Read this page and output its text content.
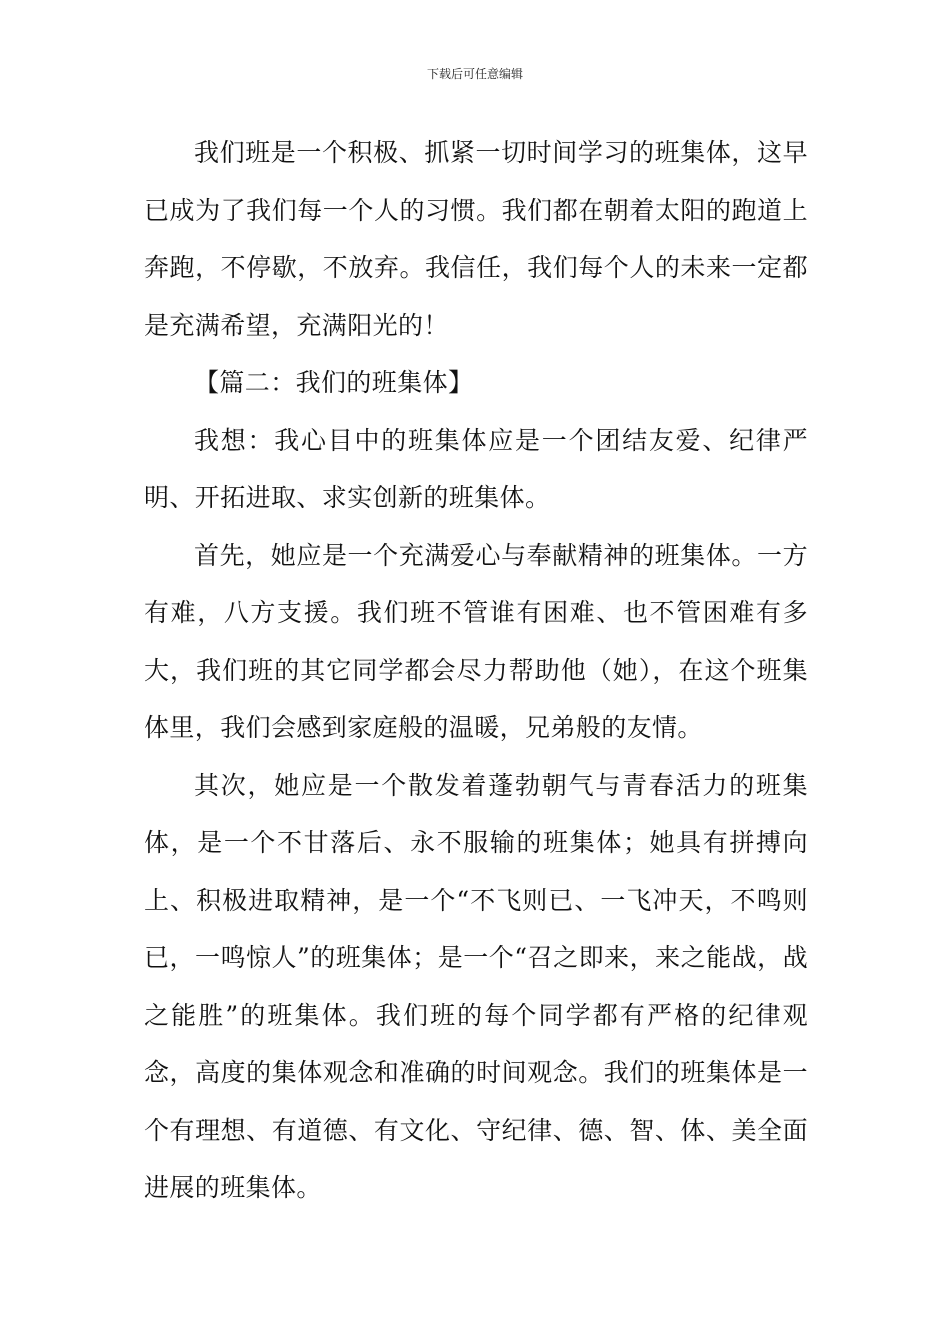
下载后可任意编辑

我们班是一个积极、抓紧一切时间学习的班集体，这早已成为了我们每一个人的习惯。我们都在朝着太阳的跑道上奔跑，不停歇，不放弃。我信任，我们每个人的未来一定都是充满希望，充满阳光的！

【篇二：我们的班集体】

我想：我心目中的班集体应是一个团结友爱、纪律严明、开拓进取、求实创新的班集体。

首先，她应是一个充满爱心与奉献精神的班集体。一方有难，八方支援。我们班不管谁有困难、也不管困难有多大，我们班的其它同学都会尽力帮助他（她），在这个班集体里，我们会感到家庭般的温暖，兄弟般的友情。

其次，她应是一个散发着蓬勃朝气与青春活力的班集体，是一个不甘落后、永不服输的班集体；她具有拼搏向上、积极进取精神，是一个“不飞则已、一飞冲天，不鸣则已，一鸣惊人”的班集体；是一个“召之即来，来之能战，战之能胜”的班集体。我们班的每个同学都有严格的纪律观念，高度的集体观念和准确的时间观念。我们的班集体是一个有理想、有道德、有文化、守纪律、德、智、体、美全面进展的班集体。
